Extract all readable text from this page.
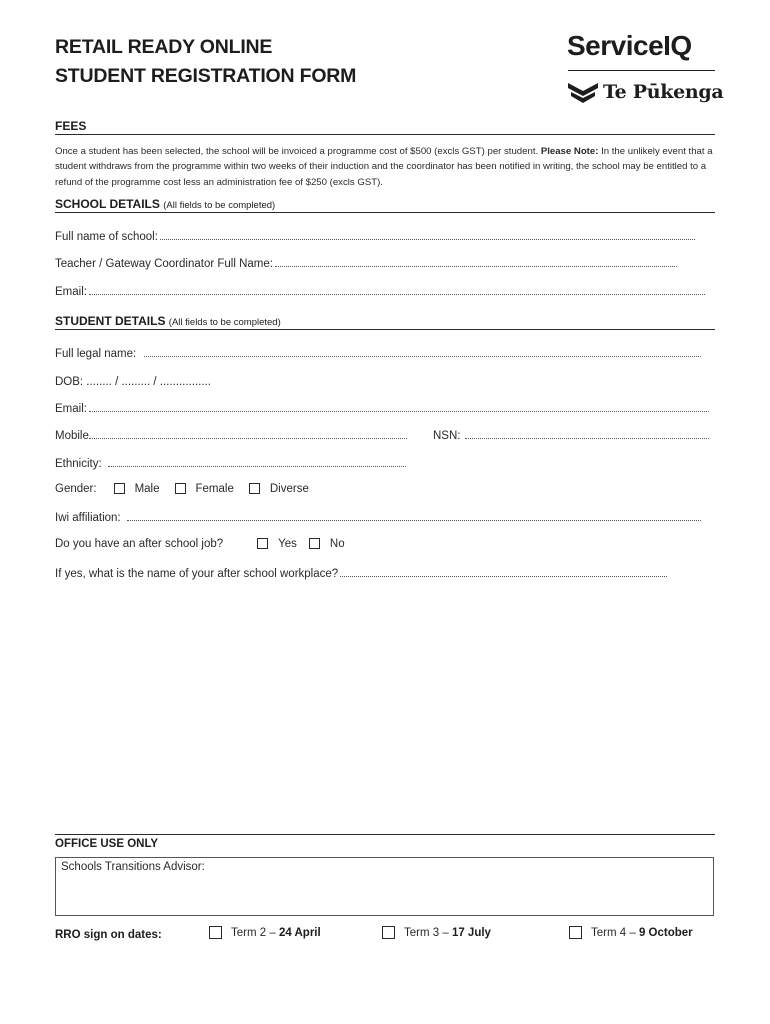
RETAIL READY ONLINE
STUDENT REGISTRATION FORM
ServiceIQ
Te Pūkenga
FEES
Once a student has been selected, the school will be invoiced a programme cost of $500 (excls GST) per student. Please Note: In the unlikely event that a student withdraws from the programme within two weeks of their induction and the coordinator has been notified in writing, the school may be entitled to a refund of the programme cost less an administration fee of $250 (excls GST).
SCHOOL DETAILS (All fields to be completed)
Full name of school:
Teacher / Gateway Coordinator Full Name:
Email:
STUDENT DETAILS (All fields to be completed)
Full legal name:
DOB: ........ / ......... / ................
Email:
Mobile	NSN:
Ethnicity:
Gender:	Male	Female	Diverse
Iwi affiliation:
Do you have an after school job?	Yes	No
If yes, what is the name of your after school workplace?
OFFICE USE ONLY
Schools Transitions Advisor:
RRO sign on dates:	Term 2 – 24 April	Term 3 – 17 July	Term 4 – 9 October
